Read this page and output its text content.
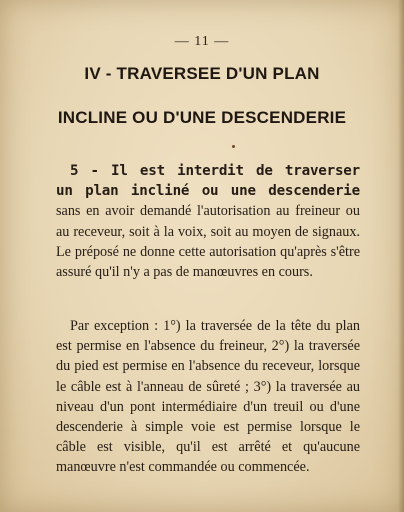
— 11 —
IV - TRAVERSEE D'UN PLAN
INCLINE OU D'UNE DESCENDERIE
5 - Il est interdit de traverser un plan incliné ou une descenderie sans en avoir demandé l'autorisation au freineur ou au receveur, soit à la voix, soit au moyen de signaux. Le préposé ne donne cette autorisation qu'après s'être assuré qu'il n'y a pas de manœuvres en cours.
Par exception : 1°) la traversée de la tête du plan est permise en l'absence du freineur, 2°) la traversée du pied est permise en l'absence du receveur, lorsque le câble est à l'anneau de sûreté ; 3°) la traversée au niveau d'un pont intermédiaire d'un treuil ou d'une descenderie à simple voie est permise lorsque le câble est visible, qu'il est arrêté et qu'aucune manœuvre n'est commandée ou commencée.
